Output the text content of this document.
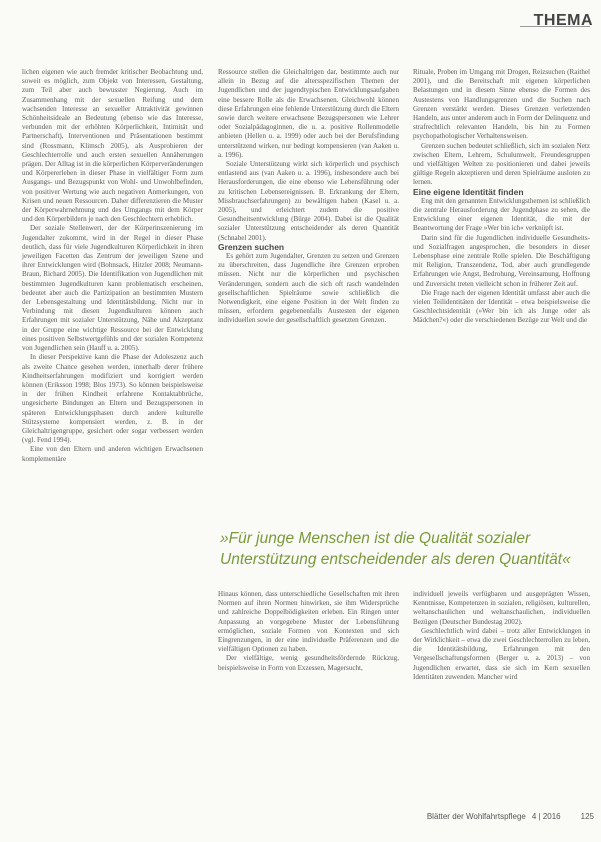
THEMA

lichen eigenen wie auch fremder kritischer Beobachtung und, soweit es möglich, zum Objekt von Interessen, Gestaltung, zum Teil aber auch bewusster Negierung. Auch im Zusammenhang mit der sexuellen Reifung und dem wachsenden Interesse an sexueller Attraktivität gewinnen Schönheitsideale an Bedeutung (ebenso wie das Interesse, verbunden mit der erhöhten Körperlichkeit, Intimität und Partnerschaft), Interventionen und Präsentationen bestimmt sind (Rossmann, Klimsch 2005), als Ausprobieren der Geschlechterrolle und auch ersten sexuellen Annäherungen prägen. Der Alltag ist in die körperlichen Körperveränderungen und Körpererleben in dieser Phase in vielfältiger Form zum Ausgangs- und Bezugspunkt von Wohl- und Unwohlbefinden, von positiver Wertung wie auch negativen Anmerkungen, von Krisen und neuen Ressourcen. Daher differenzieren die Muster der Körperwahrnehmung und des Umgangs mit dem Körper und den Körperbildern je nach den Geschlechtern erheblich.

Der soziale Stellenwert, der der Körperinszenierung im Jugendalter zukommt, wird in der Regel in dieser Phase deutlich, dass für viele Jugendkulturen Körperlichkeit in ihren jeweiligen Facetten das Zentrum der jeweiligen Szene und ihrer Entwicklungen wird (Bohnsack, Hitzler 2008; Neumann-Braun, Richard 2005). Die Identifikation von Jugendlichen mit bestimmten Jugendkulturen kann problematisch erscheinen, bedeutet aber auch die Partizipation an bestimmten Mustern der Lebensgestaltung und Identitätsbildung. Nicht nur in Verbindung mit diesen Jugendkulturen können auch Erfahrungen mit sozialer Unterstützung, Nähe und Akzeptanz in der Gruppe eine wichtige Ressource bei der Entwicklung eines positiven Selbstwertgefühls und der sozialen Kompetenz von Jugendlichen sein (Hauff u. a. 2005).

In dieser Perspektive kann die Phase der Adoleszenz auch als zweite Chance gesehen werden, innerhalb derer frühere Kindheitserfahrungen modifiziert und korrigiert werden können (Eriksson 1998; Blos 1973). So können beispielsweise in der frühen Kindheit erfahrene Kontaktabbrüche, ungesicherte Bindungen an Eltern und Bezugspersonen in späteren Entwicklungsphasen durch andere kulturelle Stützsysteme kompensiert werden, z. B. in der Gleichaltrigengruppe, gesichert oder sogar verbessert werden (vgl. Fend 1994).

Eine von den Eltern und anderen wichtigen Erwachsenen komplementäre

Ressource stellen die Gleichaltrigen dar, bestimmte auch nur allein in Bezug auf die altersspezifischen Themen der Jugendlichen und der jugendtypischen Entwicklungsaufgaben eine bessere Rolle als die Erwachsenen. Gleichwohl können diese Erfahrungen eine fehlende Unterstützung durch die Eltern sowie durch weitere erwachsene Bezugspersonen wie Lehrer oder Sozialpädagoginnen, die u. a. positive Rollenmodelle anbieten (Hellen u. a. 1999) oder auch bei der Berufsfindung unterstützend wirken, nur bedingt kompensieren (van Aaken u. a. 1996).

Soziale Unterstützung wirkt sich körperlich und psychisch entlastend aus (van Aaken u. a. 1996), insbesondere auch bei Herausforderungen, die eine ebenso wie Lebensführung oder zu kritischen Lebensereignissen. B. Erkrankung der Eltern, Missbrauchserfahrungen) zu bewältigen haben (Kasel u. a. 2005), und erleichtert zudem die positive Gesundheitsentwicklung (Bürge 2004). Dabei ist die Qualität sozialer Unterstützung entscheidender als deren Quantität (Schnabel 2001).

Grenzen suchen

Es gehört zum Jugendalter, Grenzen zu setzen und Grenzen zu überschreiten, dass Jugendliche ihre Grenzen erproben müssen. Nicht nur die körperlichen und psychischen Veränderungen, sondern auch die sich oft rasch wandelnden gesellschaftlichen Spielräume sowie schließlich die Notwendigkeit, eine eigene Position in der Welt finden zu müssen, erfordern gegebenenfalls Austesten der eigenen individuellen sowie der gesellschaftlich gesetzten Grenzen.

Rituale, Proben im Umgang mit Drogen, Reizsuchen (Raithel 2001), und die Bereitschaft mit eigenen körperlichen Belastungen und in diesem Sinne ebenso die Formen des Austestens von Handlungsgrenzen und die Suchen nach Grenzen verstärkt werden. Dieses Grenzen verletzenden Handeln, aus unter anderem auch in Form der Delinquenz und strafrechtlich relevanten Handeln, bis hin zu Formen psychopathologischer Verhaltensweisen.

Grenzen suchen bedeutet schließlich, sich im sozialen Netz zwischen Eltern, Lehrern, Schulumwelt, Freundesgruppen und vielfältigen Welten zu positionieren und dabei jeweils gültige Regeln akzeptieren und deren Spielräume ausloten zu lernen.

Eine eigene Identität finden

Eng mit den genannten Entwicklungsthemen ist schließlich die zentrale Herausforderung der Jugendphase zu sehen, die Entwicklung einer eigenen Identität, die mit der Beantwortung der Frage »Wer bin ich« verknüpft ist.

Darin sind für die Jugendlichen individuelle Gesundheits- und Sozialfragen angesprochen, die besonders in dieser Lebensphase eine zentrale Rolle spielen. Die Beschäftigung mit Religion, Transzendenz, Tod, aber auch grundlegende Erfahrungen wie Angst, Bedrohung, Vereinsamung, Hoffnung und Zuversicht treten vielleicht schon in früherer Zeit auf.

Die Frage nach der eigenen Identität umfasst aber auch die vielen Teilidentitäten der Identität – etwa beispielsweise die Geschlechtsidentität (»Wer bin ich als Junge oder als Mädchen?«) oder die verschiedenen Bezüge zur Welt und die

»Für junge Menschen ist die Qualität sozialer Unterstützung entscheidender als deren Quantität«

Hinaus können, dass unterschiedliche Gesellschaften mit ihren Normen auf ihren Normen hinwirken, sie ihm Widersprüche und zahlreiche Doppelbödigkeiten erleben. Ein Ringen unter Anpassung an vorgegebene Muster der Lebensführung ermöglichen, soziale Formen von Kontexten und sich Eingrenzungen, in der eine individuelle Präferenzen und die vielfältigen Optionen zu haben.

Der vielfältige, wenig gesundheitsfördernde Rückzug, beispielsweise in Form von Exzessen, Magersucht,

individuell jeweils verfügbaren und ausgeprägten Wissen, Kenntnisse, Kompetenzen in sozialen, religiösen, kulturellen, weltanschaulichen und weltanschaulichen, individuellen Bezügen (Deutscher Bundestag 2002).

Geschlechtlich wird dabei – trotz aller Entwicklungen in der Wirklichkeit – etwa die zwei Geschlechterrollen zu leben, die Identitätsbildung, Erfahrungen mit den Vergesellschaftungsformen (Berger u. a. 2013) – von Jugendlichen erwartet, dass sie sich im Kern sexuellen Identitäten zuwenden. Mancher wird

Blätter der Wohlfahrtspflege 4 | 2016	125
